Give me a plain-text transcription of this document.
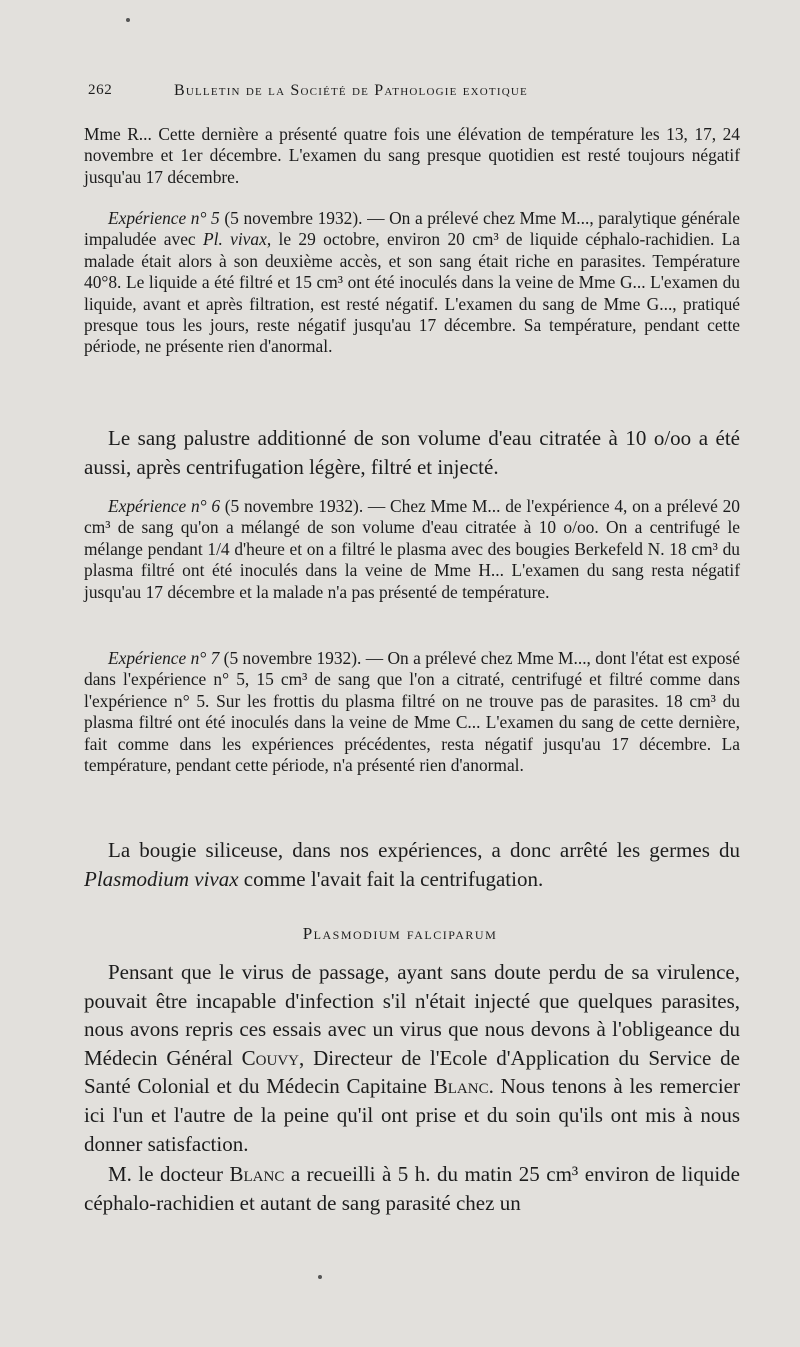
262	Bulletin de la Société de Pathologie exotique

Mme R... Cette dernière a présenté quatre fois une élévation de température les 13, 17, 24 novembre et 1er décembre. L'examen du sang presque quotidien est resté toujours négatif jusqu'au 17 décembre.

Expérience n° 5 (5 novembre 1932). — On a prélevé chez Mme M..., paralytique générale impaludée avec Pl. vivax, le 29 octobre, environ 20 cm³ de liquide céphalo-rachidien. La malade était alors à son deuxième accès, et son sang était riche en parasites. Température 40°8. Le liquide a été filtré et 15 cm³ ont été inoculés dans la veine de Mme G... L'examen du liquide, avant et après filtration, est resté négatif. L'examen du sang de Mme G..., pratiqué presque tous les jours, reste négatif jusqu'au 17 décembre. Sa température, pendant cette période, ne présente rien d'anormal.

Le sang palustre additionné de son volume d'eau citratée à 10 o/oo a été aussi, après centrifugation légère, filtré et injecté.

Expérience n° 6 (5 novembre 1932). — Chez Mme M... de l'expérience 4, on a prélevé 20 cm³ de sang qu'on a mélangé de son volume d'eau citratée à 10 o/oo. On a centrifugé le mélange pendant 1/4 d'heure et on a filtré le plasma avec des bougies Berkefeld N. 18 cm³ du plasma filtré ont été inoculés dans la veine de Mme H... L'examen du sang resta négatif jusqu'au 17 décembre et la malade n'a pas présenté de température.

Expérience n° 7 (5 novembre 1932). — On a prélevé chez Mme M..., dont l'état est exposé dans l'expérience n° 5, 15 cm³ de sang que l'on a citraté, centrifugé et filtré comme dans l'expérience n° 5. Sur les frottis du plasma filtré on ne trouve pas de parasites. 18 cm³ du plasma filtré ont été inoculés dans la veine de Mme C... L'examen du sang de cette dernière, fait comme dans les expériences précédentes, resta négatif jusqu'au 17 décembre. La température, pendant cette période, n'a présenté rien d'anormal.

La bougie siliceuse, dans nos expériences, a donc arrêté les germes du Plasmodium vivax comme l'avait fait la centrifugation.

Plasmodium falciparum

Pensant que le virus de passage, ayant sans doute perdu de sa virulence, pouvait être incapable d'infection s'il n'était injecté que quelques parasites, nous avons repris ces essais avec un virus que nous devons à l'obligeance du Médecin Général Couvy, Directeur de l'Ecole d'Application du Service de Santé Colonial et du Médecin Capitaine Blanc. Nous tenons à les remercier ici l'un et l'autre de la peine qu'il ont prise et du soin qu'ils ont mis à nous donner satisfaction.

M. le docteur Blanc a recueilli à 5 h. du matin 25 cm³ environ de liquide céphalo-rachidien et autant de sang parasité chez un
